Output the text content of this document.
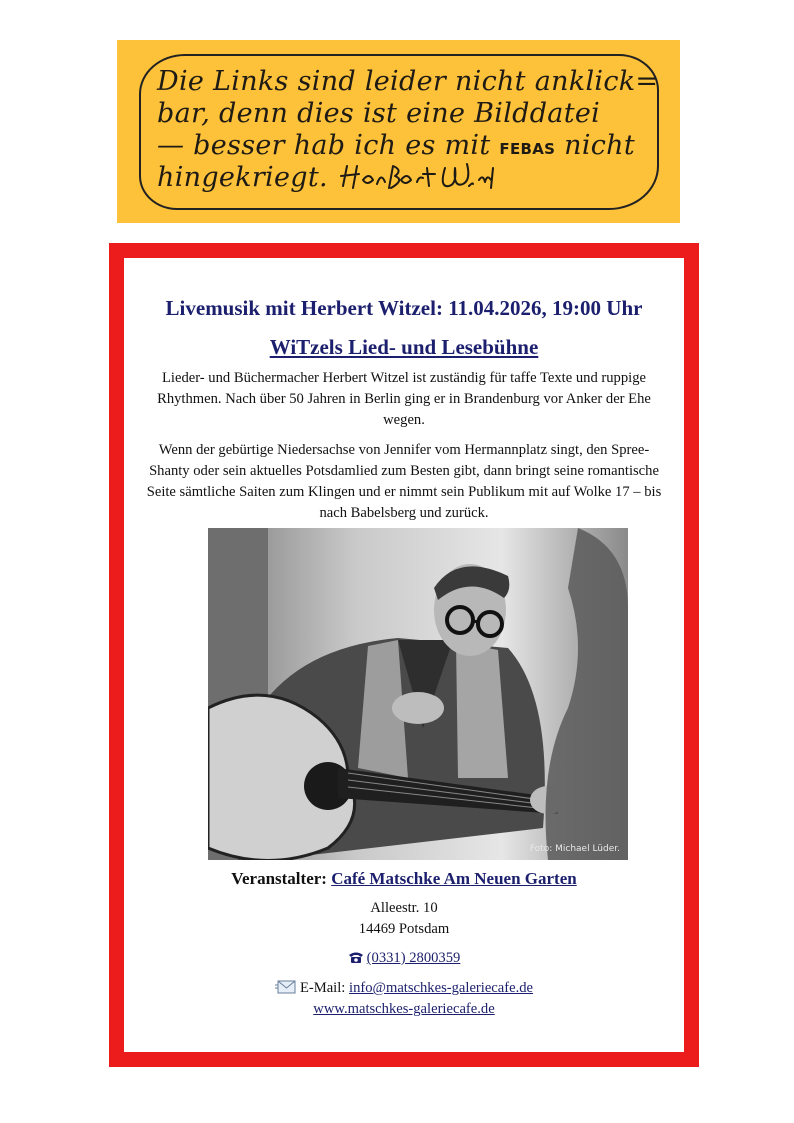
Die Links sind leider nicht anklick=
bar, denn dies ist eine Bilddatei
— besser hab ich es mit FEBAS nicht
hingekriegt.
Livemusik mit Herbert Witzel: 11.04.2026, 19:00 Uhr
WiTzels Lied- und Lesebühne
Lieder- und Büchermacher Herbert Witzel ist zuständig für taffe Texte und ruppige Rhythmen. Nach über 50 Jahren in Berlin ging er in Brandenburg vor Anker der Ehe wegen.
Wenn der gebürtige Niedersachse von Jennifer vom Hermannplatz singt, den Spree-Shanty oder sein aktuelles Potsdamlied zum Besten gibt, dann bringt seine romantische Seite sämtliche Saiten zum Klingen und er nimmt sein Publikum mit auf Wolke 17 – bis nach Babelsberg und zurück.
Foto: Michael Lüder.
Veranstalter: Café Matschke Am Neuen Garten
Alleestr. 10
14469 Potsdam
(0331) 2800359
E-Mail: info@matschkes-galeriecafe.de
www.matschkes-galeriecafe.de
